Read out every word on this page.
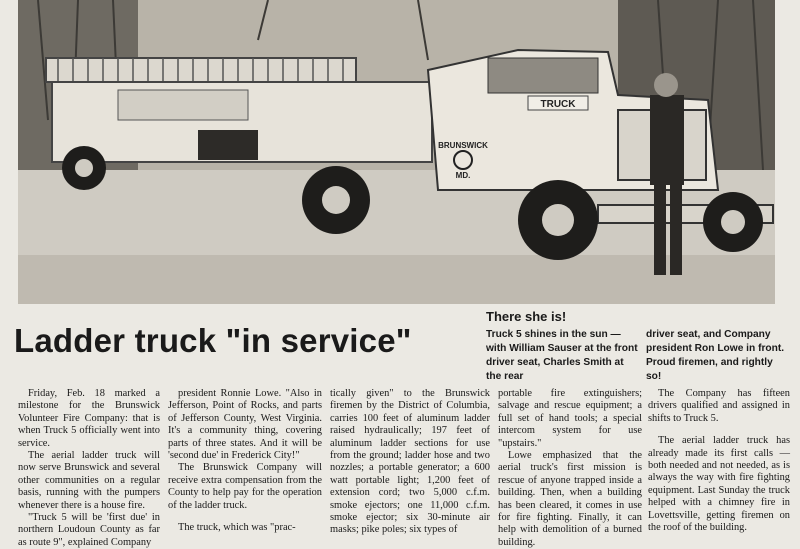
TRUCK
BRUNSWICK
MD.
There she is!
Truck 5 shines in the sun — with William Sauser at the front driver seat, Charles Smith at the rear
driver seat, and Company president Ron Lowe in front. Proud firemen, and rightly so!
Ladder truck "in service"

Friday, Feb. 18 marked a milestone for the Brunswick Volunteer Fire Company: that is when Truck 5 officially went into service.

The aerial ladder truck will now serve Brunswick and several other communities on a regular basis, running with the pumpers whenever there is a house fire.

"Truck 5 will be 'first due' in northern Loudoun County as far as route 9", explained Company

president Ronnie Lowe. "Also in Jefferson, Point of Rocks, and parts of Jefferson County, West Virginia. It's a community thing, covering parts of three states. And it will be 'second due' in Frederick City!"

The Brunswick Company will receive extra compensation from the County to help pay for the operation of the ladder truck.

The truck, which was "prac-

tically given" to the Brunswick firemen by the District of Columbia, carries 100 feet of aluminum ladder raised hydraulically; 197 feet of aluminum ladder sections for use from the ground; ladder hose and two nozzles; a portable generator; a 600 watt portable light; 1,200 feet of extension cord; two 5,000 c.f.m. smoke ejectors; one 11,000 c.f.m. smoke ejector; six 30-minute air masks; pike poles; six types of

portable fire extinguishers; salvage and rescue equipment; a full set of hand tools; a special intercom system for use "upstairs."

Lowe emphasized that the aerial truck's first mission is rescue of anyone trapped inside a building. Then, when a building has been cleared, it comes in use for fire fighting. Finally, it can help with demolition of a burned building.

The Company has fifteen drivers qualified and assigned in shifts to Truck 5.

The aerial ladder truck has already made its first calls — both needed and not needed, as is always the way with fire fighting equipment. Last Sunday the truck helped with a chimney fire in Lovettsville, getting firemen on the roof of the building.
